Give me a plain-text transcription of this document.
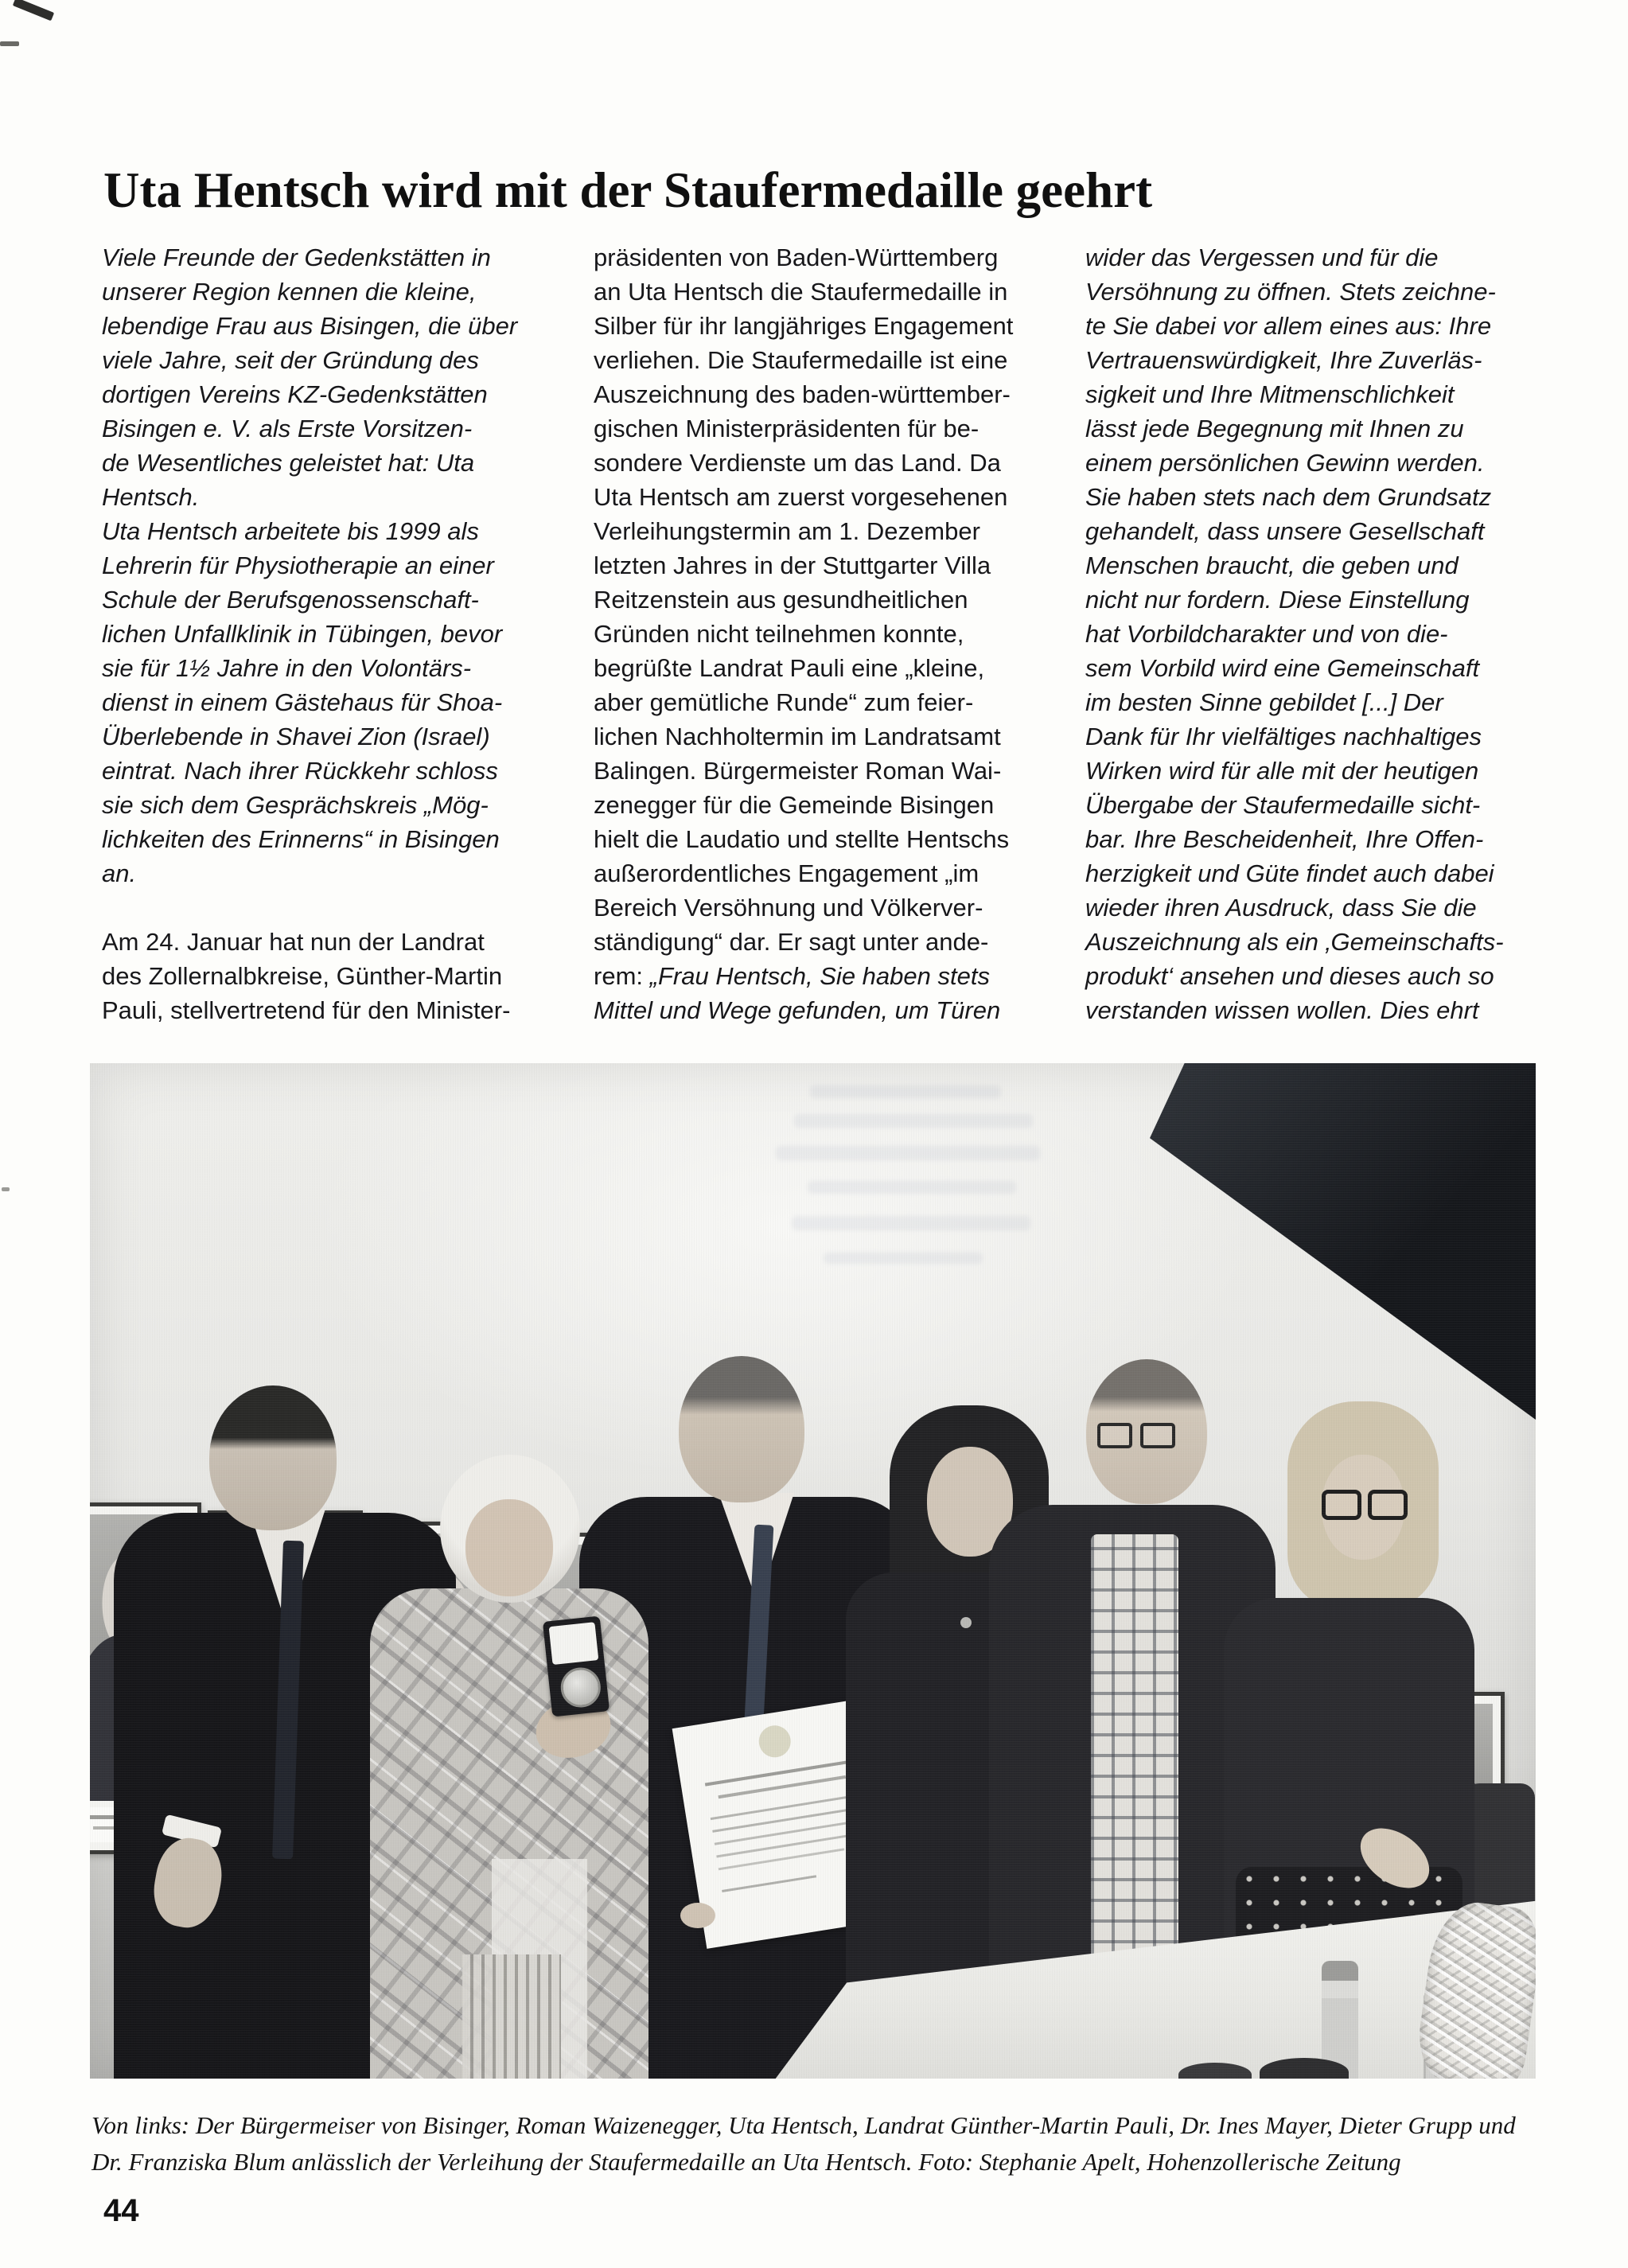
Uta Hentsch wird mit der Staufermedaille geehrt
Viele Freunde der Gedenkstätten in
unserer Region kennen die kleine,
lebendige Frau aus Bisingen, die über
viele Jahre, seit der Gründung des
dortigen Vereins KZ-Gedenkstätten
Bisingen e. V. als Erste Vorsitzen-
de Wesentliches geleistet hat: Uta
Hentsch.
Uta Hentsch arbeitete bis 1999 als
Lehrerin für Physiotherapie an einer
Schule der Berufsgenossenschaft-
lichen Unfallklinik in Tübingen, bevor
sie für 1½ Jahre in den Volontärs-
dienst in einem Gästehaus für Shoa-
Überlebende in Shavei Zion (Israel)
eintrat. Nach ihrer Rückkehr schloss
sie sich dem Gesprächskreis „Mög-
lichkeiten des Erinnerns“ in Bisingen
an.
Am 24. Januar hat nun der Landrat
des Zollernalbkreise, Günther-Martin
Pauli, stellvertretend für den Minister-
präsidenten von Baden-Württemberg
an Uta Hentsch die Staufermedaille in
Silber für ihr langjähriges Engagement
verliehen. Die Staufermedaille ist eine
Auszeichnung des baden-württember-
gischen Ministerpräsidenten für be-
sondere Verdienste um das Land. Da
Uta Hentsch am zuerst vorgesehenen
Verleihungstermin am 1. Dezember
letzten Jahres in der Stuttgarter Villa
Reitzenstein aus gesundheitlichen
Gründen nicht teilnehmen konnte,
begrüßte Landrat Pauli eine „kleine,
aber gemütliche Runde“ zum feier-
lichen Nachholtermin im Landratsamt
Balingen. Bürgermeister Roman Wai-
zenegger für die Gemeinde Bisingen
hielt die Laudatio und stellte Hentschs
außerordentliches Engagement „im
Bereich Versöhnung und Völkerver-
ständigung“ dar. Er sagt unter ande-
rem: „Frau Hentsch, Sie haben stets
Mittel und Wege gefunden, um Türen
wider das Vergessen und für die
Versöhnung zu öffnen. Stets zeichne-
te Sie dabei vor allem eines aus: Ihre
Vertrauenswürdigkeit, Ihre Zuverläs-
sigkeit und Ihre Mitmenschlichkeit
lässt jede Begegnung mit Ihnen zu
einem persönlichen Gewinn werden.
Sie haben stets nach dem Grundsatz
gehandelt, dass unsere Gesellschaft
Menschen braucht, die geben und
nicht nur fordern. Diese Einstellung
hat Vorbildcharakter und von die-
sem Vorbild wird eine Gemeinschaft
im besten Sinne gebildet [...] Der
Dank für Ihr vielfältiges nachhaltiges
Wirken wird für alle mit der heutigen
Übergabe der Staufermedaille sicht-
bar. Ihre Bescheidenheit, Ihre Offen-
herzigkeit und Güte findet auch dabei
wieder ihren Ausdruck, dass Sie die
Auszeichnung als ein ‚Gemeinschafts-
produkt‘ ansehen und dieses auch so
verstanden wissen wollen. Dies ehrt
Von links: Der Bürgermeiser von Bisinger, Roman Waizenegger, Uta Hentsch, Landrat Günther-Martin Pauli, Dr. Ines Mayer, Dieter Grupp und
Dr. Franziska Blum anlässlich der Verleihung der Staufermedaille an Uta Hentsch. Foto: Stephanie Apelt, Hohenzollerische Zeitung
44
